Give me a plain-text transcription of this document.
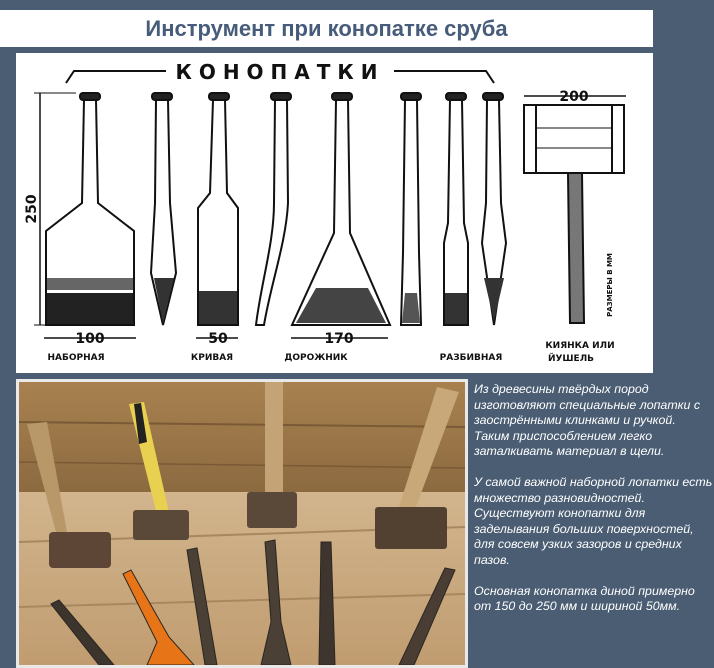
Инструмент при конопатке сруба
КОНОПАТКИ
250
100	50	170
200
НАБОРНАЯ	КРИВАЯ	ДОРОЖНИК	РАЗБИВНАЯ
КИЯНКА ИЛИ
ЙУШЕЛЬ
РАЗМЕРЫ В ММ

Из древесины твёрдых пород изготовляют специальные лопатки с заострёнными клинками и ручкой. Таким приспособлением легко заталкивать материал в щели.

У самой важной наборной лопатки есть множество разновидностей. Существуют конопатки для заделывания больших поверхностей, для совсем узких зазоров и средних пазов.

Основная конопатка диной примерно от 150 до 250 мм и шириной 50мм.
